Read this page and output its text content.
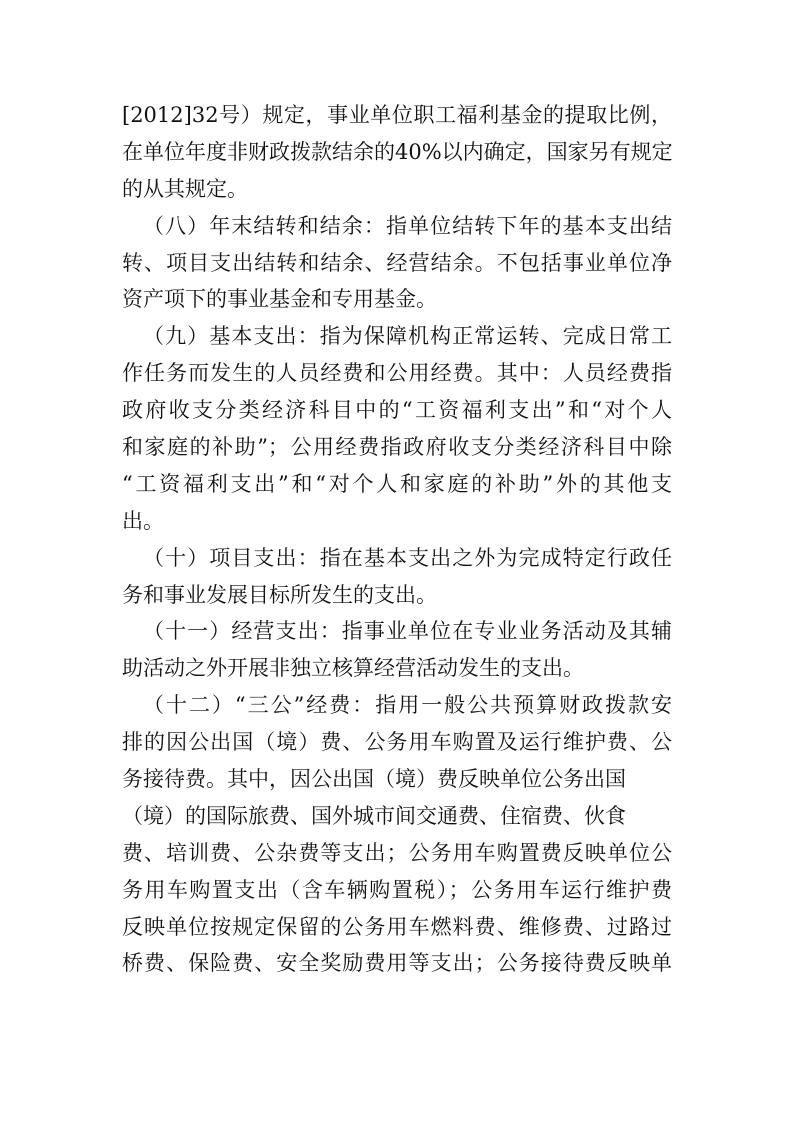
[2012]32号）规定，事业单位职工福利基金的提取比例，
在单位年度非财政拨款结余的40%以内确定，国家另有规定
的从其规定。
（八）年末结转和结余：指单位结转下年的基本支出结
转、项目支出结转和结余、经营结余。不包括事业单位净
资产项下的事业基金和专用基金。
（九）基本支出：指为保障机构正常运转、完成日常工
作任务而发生的人员经费和公用经费。其中：人员经费指
政府收支分类经济科目中的“工资福利支出”和“对个人
和家庭的补助”；公用经费指政府收支分类经济科目中除
“工资福利支出”和“对个人和家庭的补助”外的其他支
出。
（十）项目支出：指在基本支出之外为完成特定行政任
务和事业发展目标所发生的支出。
（十一）经营支出：指事业单位在专业业务活动及其辅
助活动之外开展非独立核算经营活动发生的支出。
（十二）“三公”经费：指用一般公共预算财政拨款安
排的因公出国（境）费、公务用车购置及运行维护费、公
务接待费。其中，因公出国（境）费反映单位公务出国
（境）的国际旅费、国外城市间交通费、住宿费、伙食
费、培训费、公杂费等支出；公务用车购置费反映单位公
务用车购置支出（含车辆购置税）；公务用车运行维护费
反映单位按规定保留的公务用车燃料费、维修费、过路过
桥费、保险费、安全奖励费用等支出；公务接待费反映单
